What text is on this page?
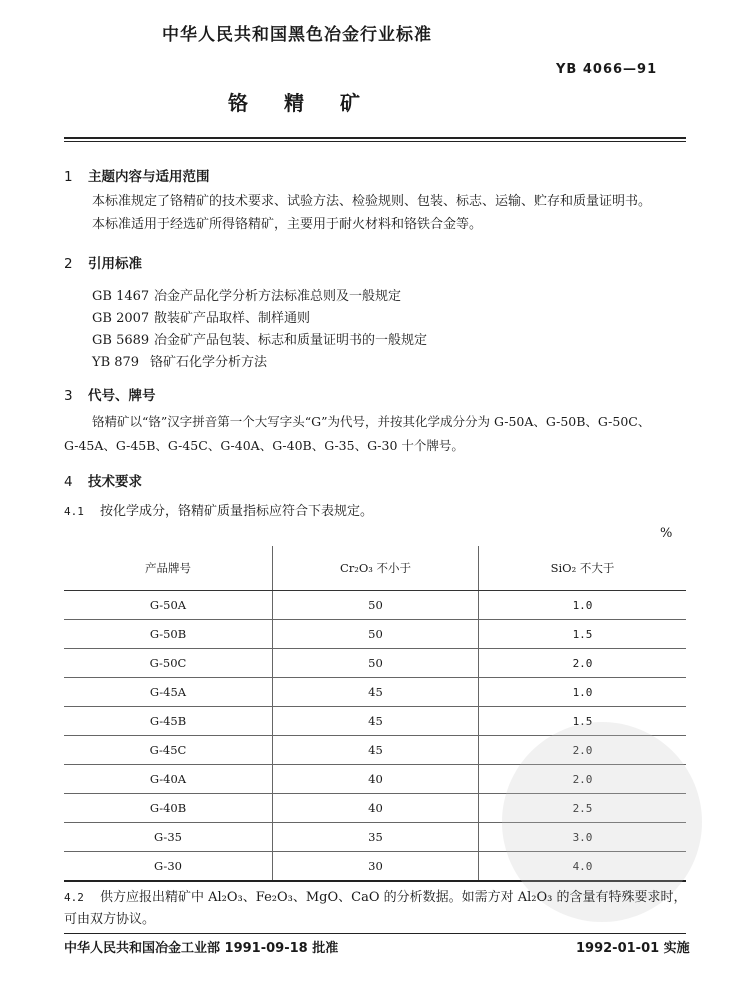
中华人民共和国黑色冶金行业标准
YB 4066—91
铬 精 矿
1 主题内容与适用范围
本标准规定了铬精矿的技术要求、试验方法、检验规则、包装、标志、运输、贮存和质量证明书。
本标准适用于经选矿所得铬精矿，主要用于耐火材料和铬铁合金等。
2 引用标准
GB 1467 冶金产品化学分析方法标准总则及一般规定
GB 2007 散装矿产品取样、制样通则
GB 5689 冶金矿产品包装、标志和质量证明书的一般规定
YB 879 铬矿石化学分析方法
3 代号、牌号
铬精矿以“铬”汉字拼音第一个大写字头“G”为代号，并按其化学成分分为 G-50A、G-50B、G-50C、
G-45A、G-45B、G-45C、G-40A、G-40B、G-35、G-30 十个牌号。
4 技术要求
4.1 按化学成分，铬精矿质量指标应符合下表规定。
%
产品牌号	Cr₂O₃ 不小于	SiO₂ 不大于
G-50A	50	1.0
G-50B	50	1.5
G-50C	50	2.0
G-45A	45	1.0
G-45B	45	1.5
G-45C	45	2.0
G-40A	40	2.0
G-40B	40	2.5
G-35	35	3.0
G-30	30	4.0
4.2 供方应报出精矿中 Al₂O₃、Fe₂O₃、MgO、CaO 的分析数据。如需方对 Al₂O₃ 的含量有特殊要求时，
可由双方协议。
中华人民共和国冶金工业部 1991-09-18 批准	1992-01-01 实施
